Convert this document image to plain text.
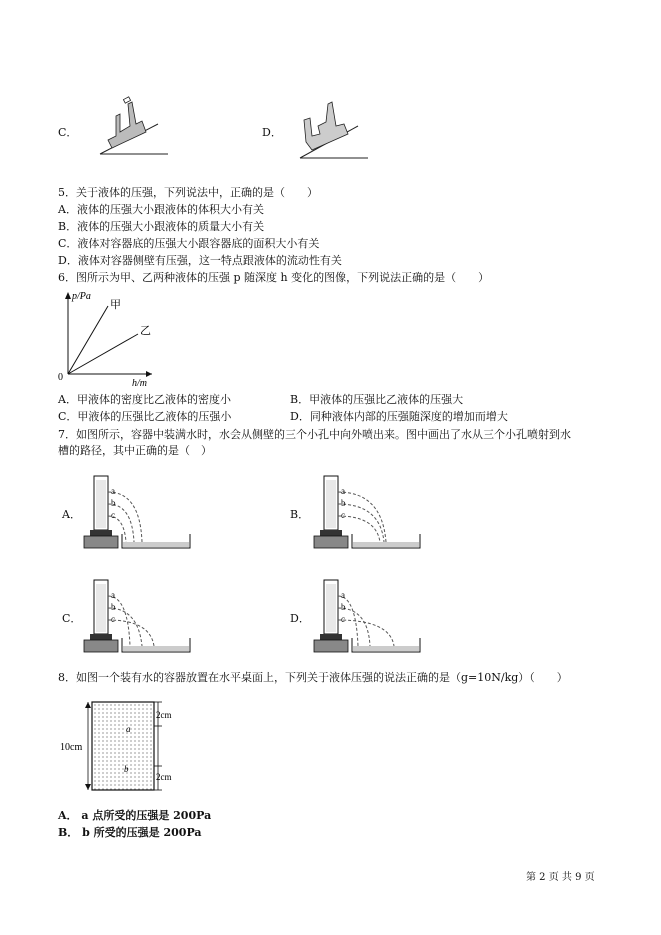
C．	D．
5．关于液体的压强，下列说法中，正确的是（　　）
A．液体的压强大小跟液体的体积大小有关
B．液体的压强大小跟液体的质量大小有关
C．液体对容器底的压强大小跟容器底的面积大小有关
D．液体对容器侧壁有压强，这一特点跟液体的流动性有关
6．图所示为甲、乙两种液体的压强 p 随深度 h 变化的图像，下列说法正确的是（　　）
p/Pa
甲
乙
0
h/m
A．甲液体的密度比乙液体的密度小	B．甲液体的压强比乙液体的压强大
C．甲液体的压强比乙液体的压强小	D．同种液体内部的压强随深度的增加而增大
7．如图所示，容器中装满水时，水会从侧壁的三个小孔中向外喷出来。图中画出了水从三个小孔喷射到水
槽的路径，其中正确的是（　）
A．	B．
C．	D．
a
b
c
a
b
c
a
b
c
a
b
c
8．如图一个装有水的容器放置在水平桌面上，下列关于液体压强的说法正确的是（g=10N/kg）（　　）
10cm
2cm
2cm
a
b
A． a 点所受的压强是 200Pa
B． b 所受的压强是 200Pa
第 2 页 共 9 页
